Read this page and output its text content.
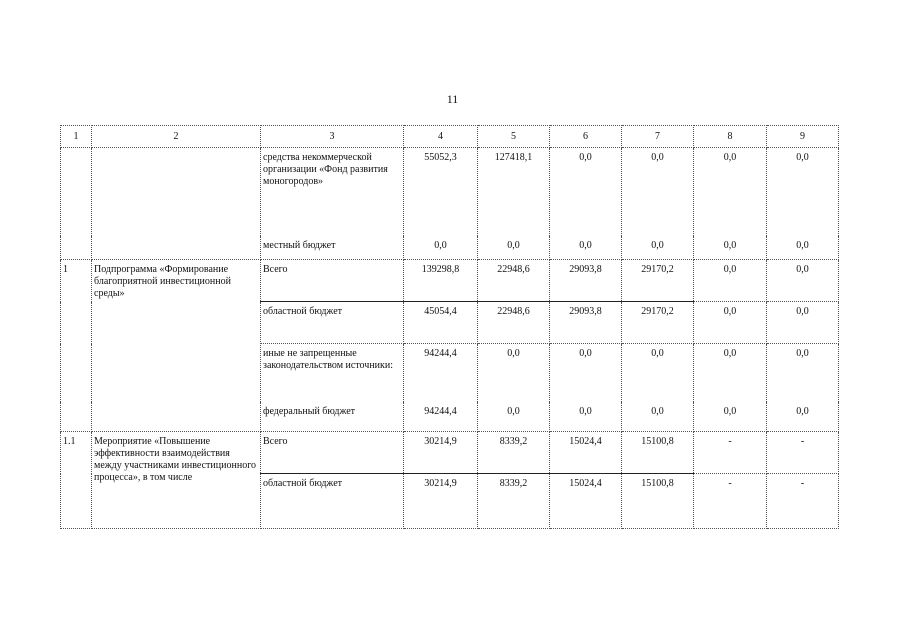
11
1	2	3	4	5	6	7	8	9
		средства некоммерческой организации «Фонд развития моногородов»	55052,3	127418,1	0,0	0,0	0,0	0,0
		местный бюджет	0,0	0,0	0,0	0,0	0,0	0,0
1	Подпрограмма «Формирование благоприятной инвестиционной среды»	Всего	139298,8	22948,6	29093,8	29170,2	0,0	0,0
		областной бюджет	45054,4	22948,6	29093,8	29170,2	0,0	0,0
		иные не запрещенные законодательством источники:	94244,4	0,0	0,0	0,0	0,0	0,0
		федеральный бюджет	94244,4	0,0	0,0	0,0	0,0	0,0
1.1	Мероприятие «Повышение эффективности взаимодействия между участниками инвестиционного процесса», в том числе	Всего	30214,9	8339,2	15024,4	15100,8	-	-
		областной бюджет	30214,9	8339,2	15024,4	15100,8	-	-
